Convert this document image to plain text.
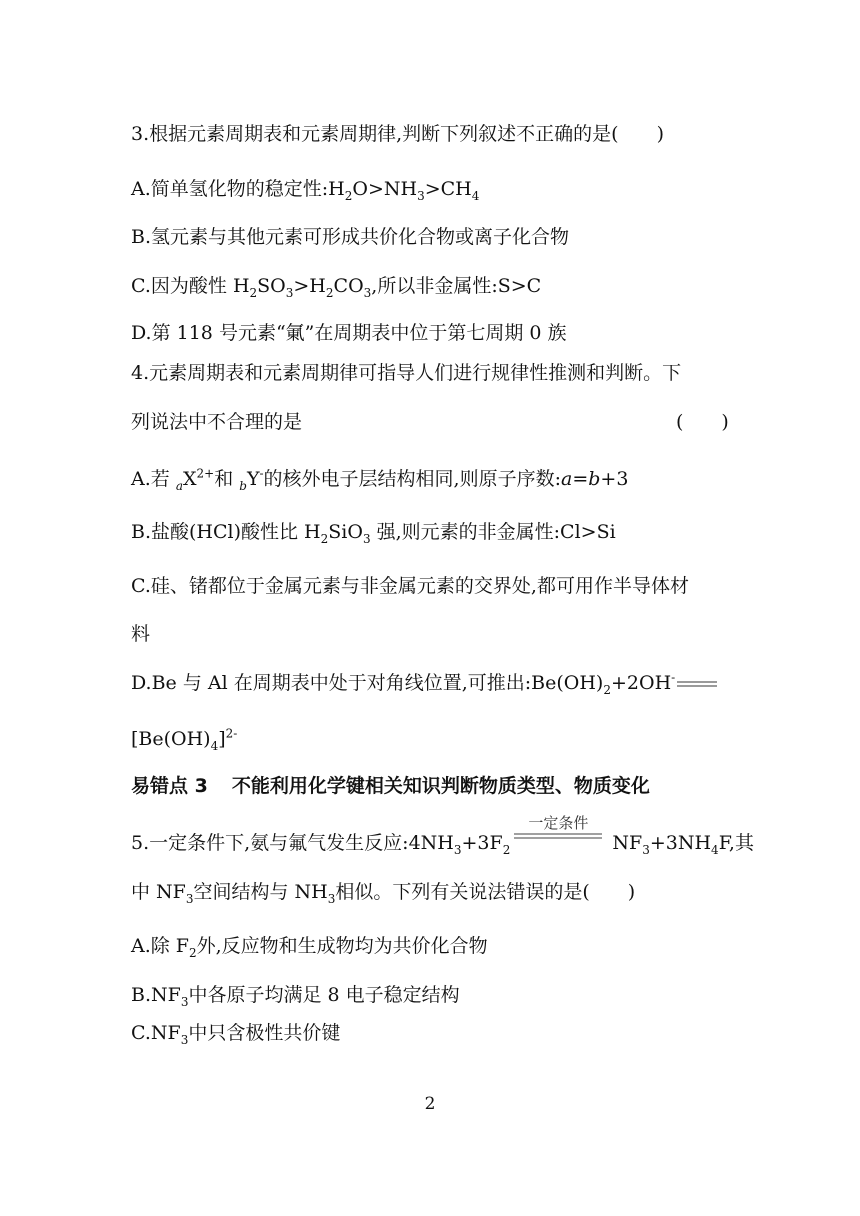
3.根据元素周期表和元素周期律,判断下列叙述不正确的是(　　)
A.简单氢化物的稳定性$:H_2O>NH_3>CH_4$
B.氢元素与其他元素可形成共价化合物或离子化合物
C.因为酸性 $H_2SO_3>H_2CO_3$,所以非金属性:S>C
D.第 118 号元素“氭”在周期表中位于第七周期 0 族
4.元素周期表和元素周期律可指导人们进行规律性推测和判断。下
列说法中不合理的是	(　　)
A.若 $_aX^{2+}$和 $_b$Y-的核外电子层结构相同,则原子序数:a=b+3
B.盐酸(HCl)酸性比 $H_2SiO_3$ 强,则元素的非金属性:Cl>Si
C.硅、锗都位于金属元素与非金属元素的交界处,都可用作半导体材
料
D.Be 与 Al 在周期表中处于对角线位置,可推出$:Be(OH)_2+2OH^-$
$[Be(OH)_4]^{2-}$
易错点 3 不能利用化学键相关知识判断物质类型、物质变化
5.一定条件下,氨与氟气发生反应$:4NH_3+3F_2$
一定条件
$NF_3+3NH_4F$,其
中 $NF_3$空间结构与 $NH_3$相似。下列有关说法错误的是(　　)
A.除 $F_2$外,反应物和生成物均为共价化合物
$B.NF_3$中各原子均满足 8 电子稳定结构
$C.NF_3$中只含极性共价键
2
